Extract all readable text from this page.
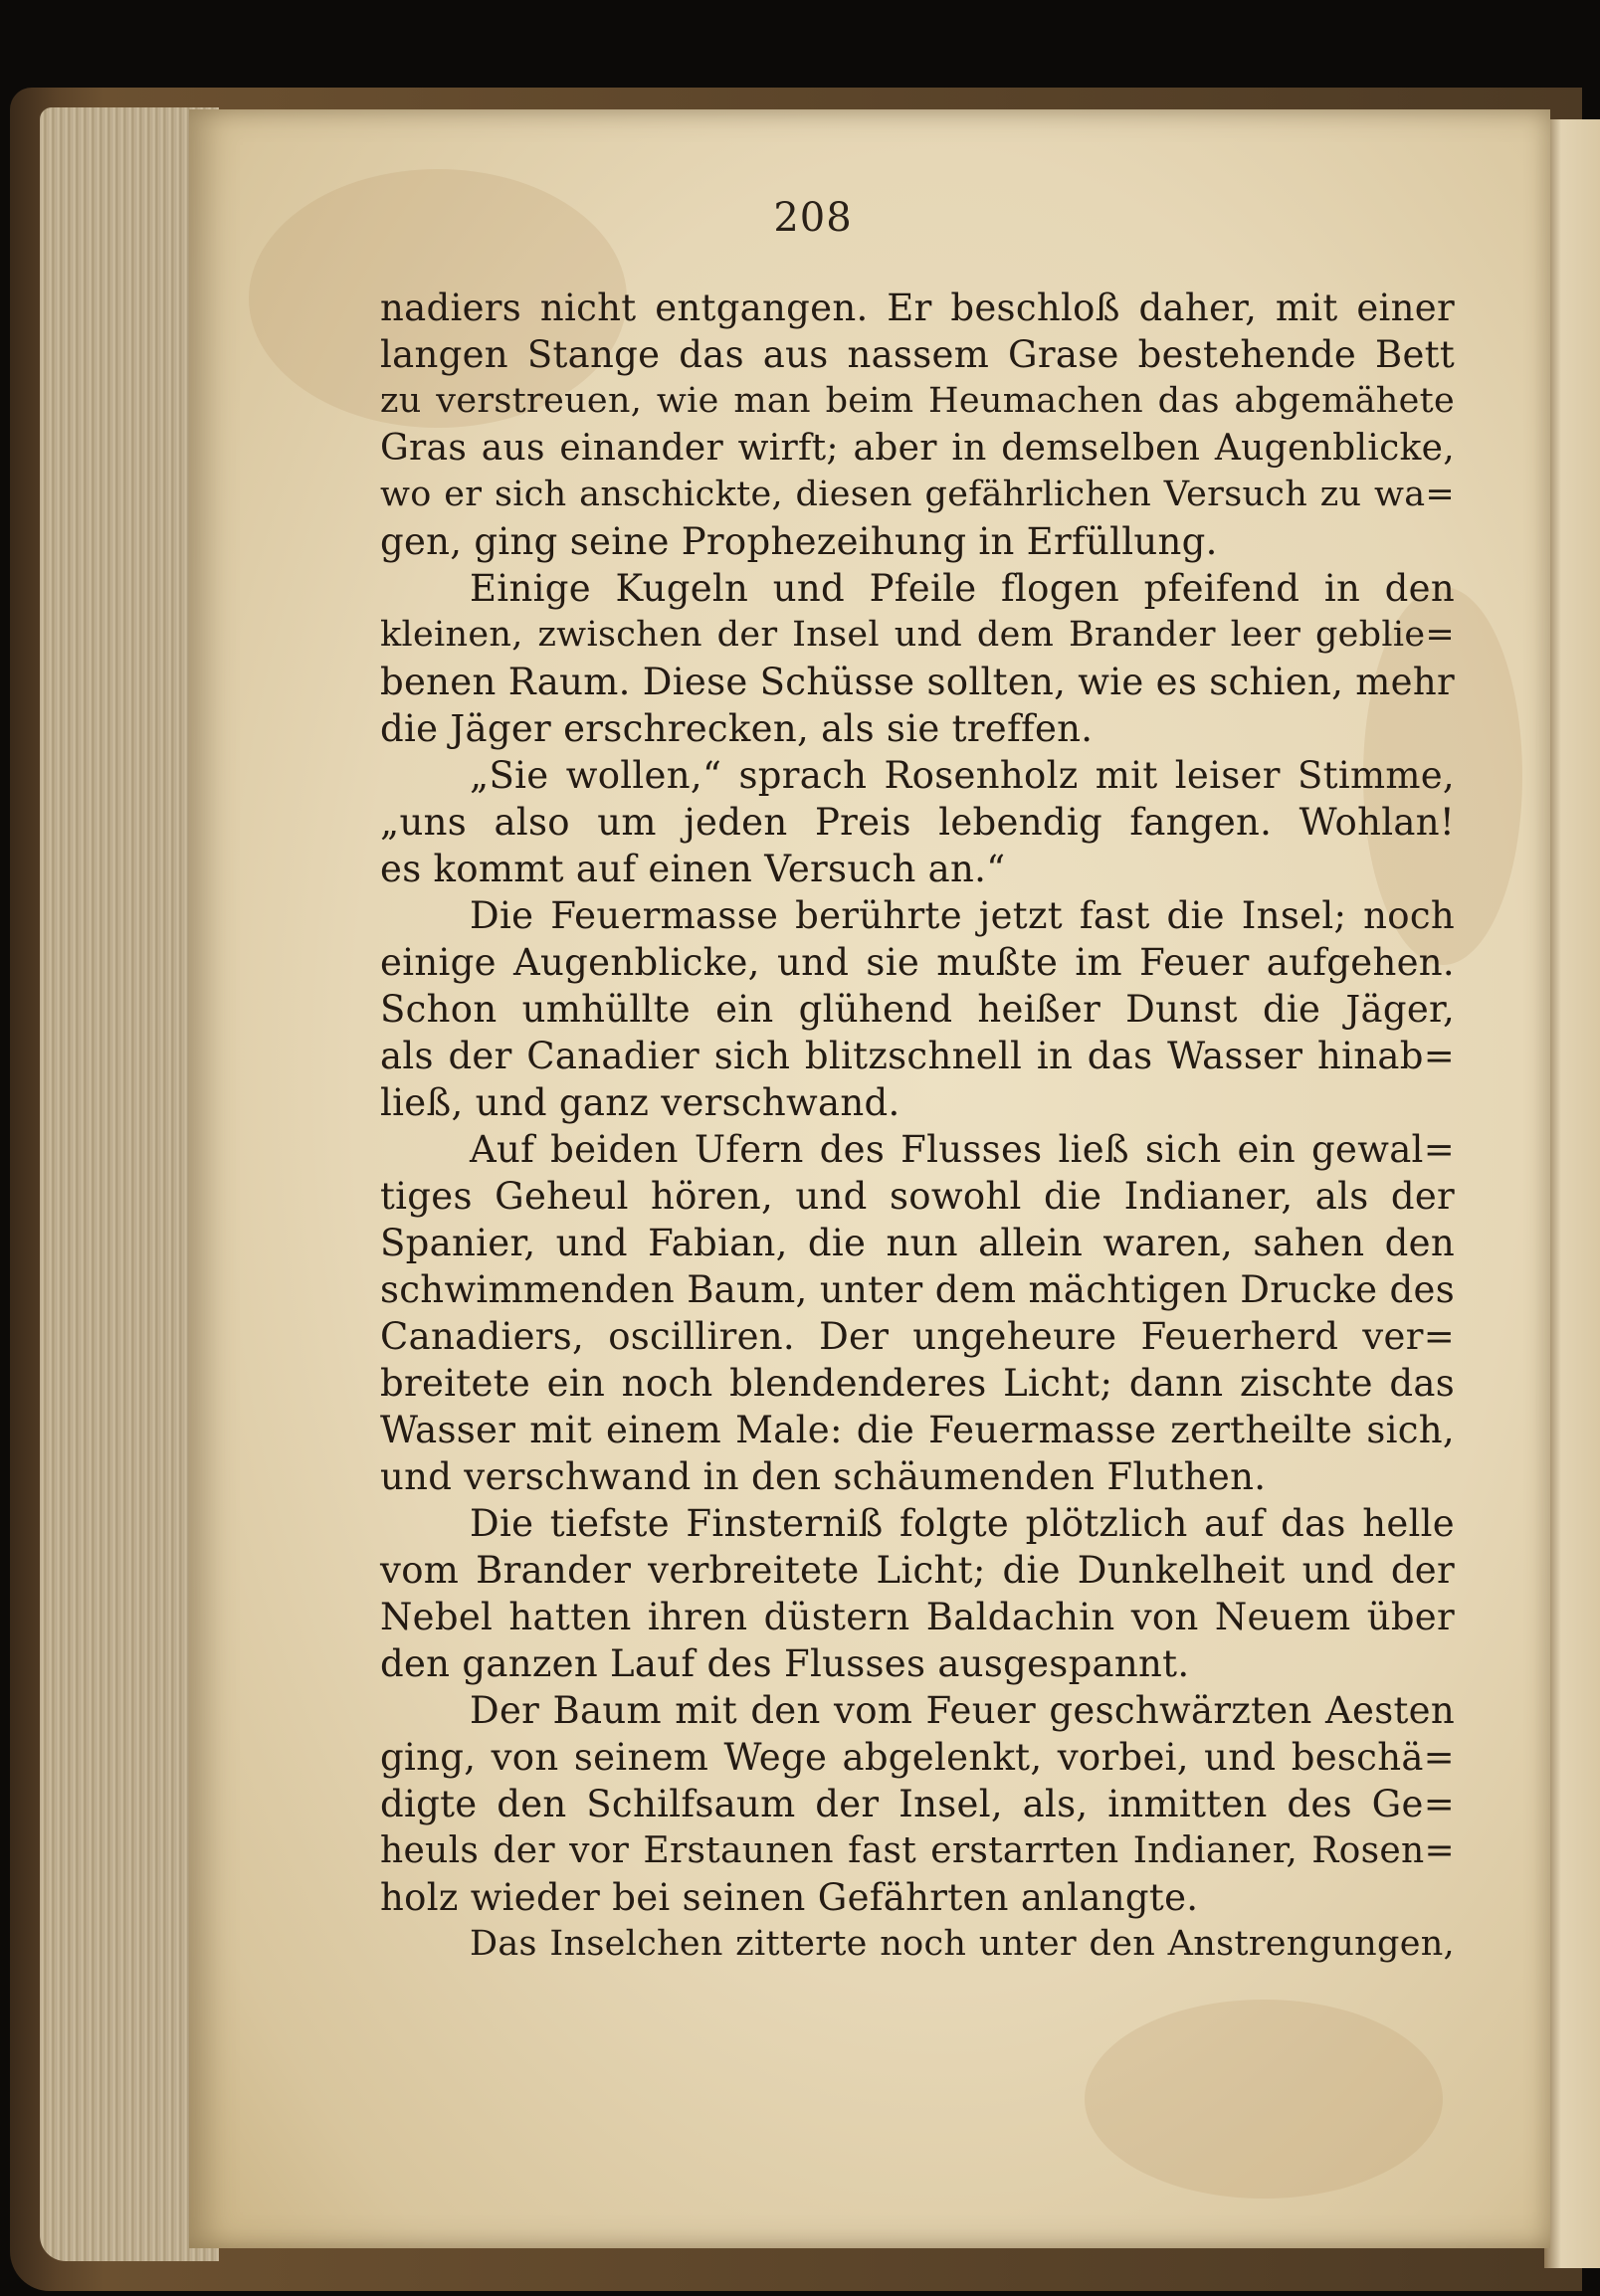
208
nadiers nicht entgangen. Er beschloß daher, mit einer
langen Stange das aus nassem Grase bestehende Bett
zu verstreuen, wie man beim Heumachen das abgemähete
Gras aus einander wirft; aber in demselben Augenblicke,
wo er sich anschickte, diesen gefährlichen Versuch zu wa=
gen, ging seine Prophezeihung in Erfüllung.
Einige Kugeln und Pfeile flogen pfeifend in den
kleinen, zwischen der Insel und dem Brander leer geblie=
benen Raum. Diese Schüsse sollten, wie es schien, mehr
die Jäger erschrecken, als sie treffen.
„Sie wollen,“ sprach Rosenholz mit leiser Stimme,
„uns also um jeden Preis lebendig fangen. Wohlan!
es kommt auf einen Versuch an.“
Die Feuermasse berührte jetzt fast die Insel; noch
einige Augenblicke, und sie mußte im Feuer aufgehen.
Schon umhüllte ein glühend heißer Dunst die Jäger,
als der Canadier sich blitzschnell in das Wasser hinab=
ließ, und ganz verschwand.
Auf beiden Ufern des Flusses ließ sich ein gewal=
tiges Geheul hören, und sowohl die Indianer, als der
Spanier, und Fabian, die nun allein waren, sahen den
schwimmenden Baum, unter dem mächtigen Drucke des
Canadiers, oscilliren. Der ungeheure Feuerherd ver=
breitete ein noch blendenderes Licht; dann zischte das
Wasser mit einem Male: die Feuermasse zertheilte sich,
und verschwand in den schäumenden Fluthen.
Die tiefste Finsterniß folgte plötzlich auf das helle
vom Brander verbreitete Licht; die Dunkelheit und der
Nebel hatten ihren düstern Baldachin von Neuem über
den ganzen Lauf des Flusses ausgespannt.
Der Baum mit den vom Feuer geschwärzten Aesten
ging, von seinem Wege abgelenkt, vorbei, und beschä=
digte den Schilfsaum der Insel, als, inmitten des Ge=
heuls der vor Erstaunen fast erstarrten Indianer, Rosen=
holz wieder bei seinen Gefährten anlangte.
Das Inselchen zitterte noch unter den Anstrengungen,
